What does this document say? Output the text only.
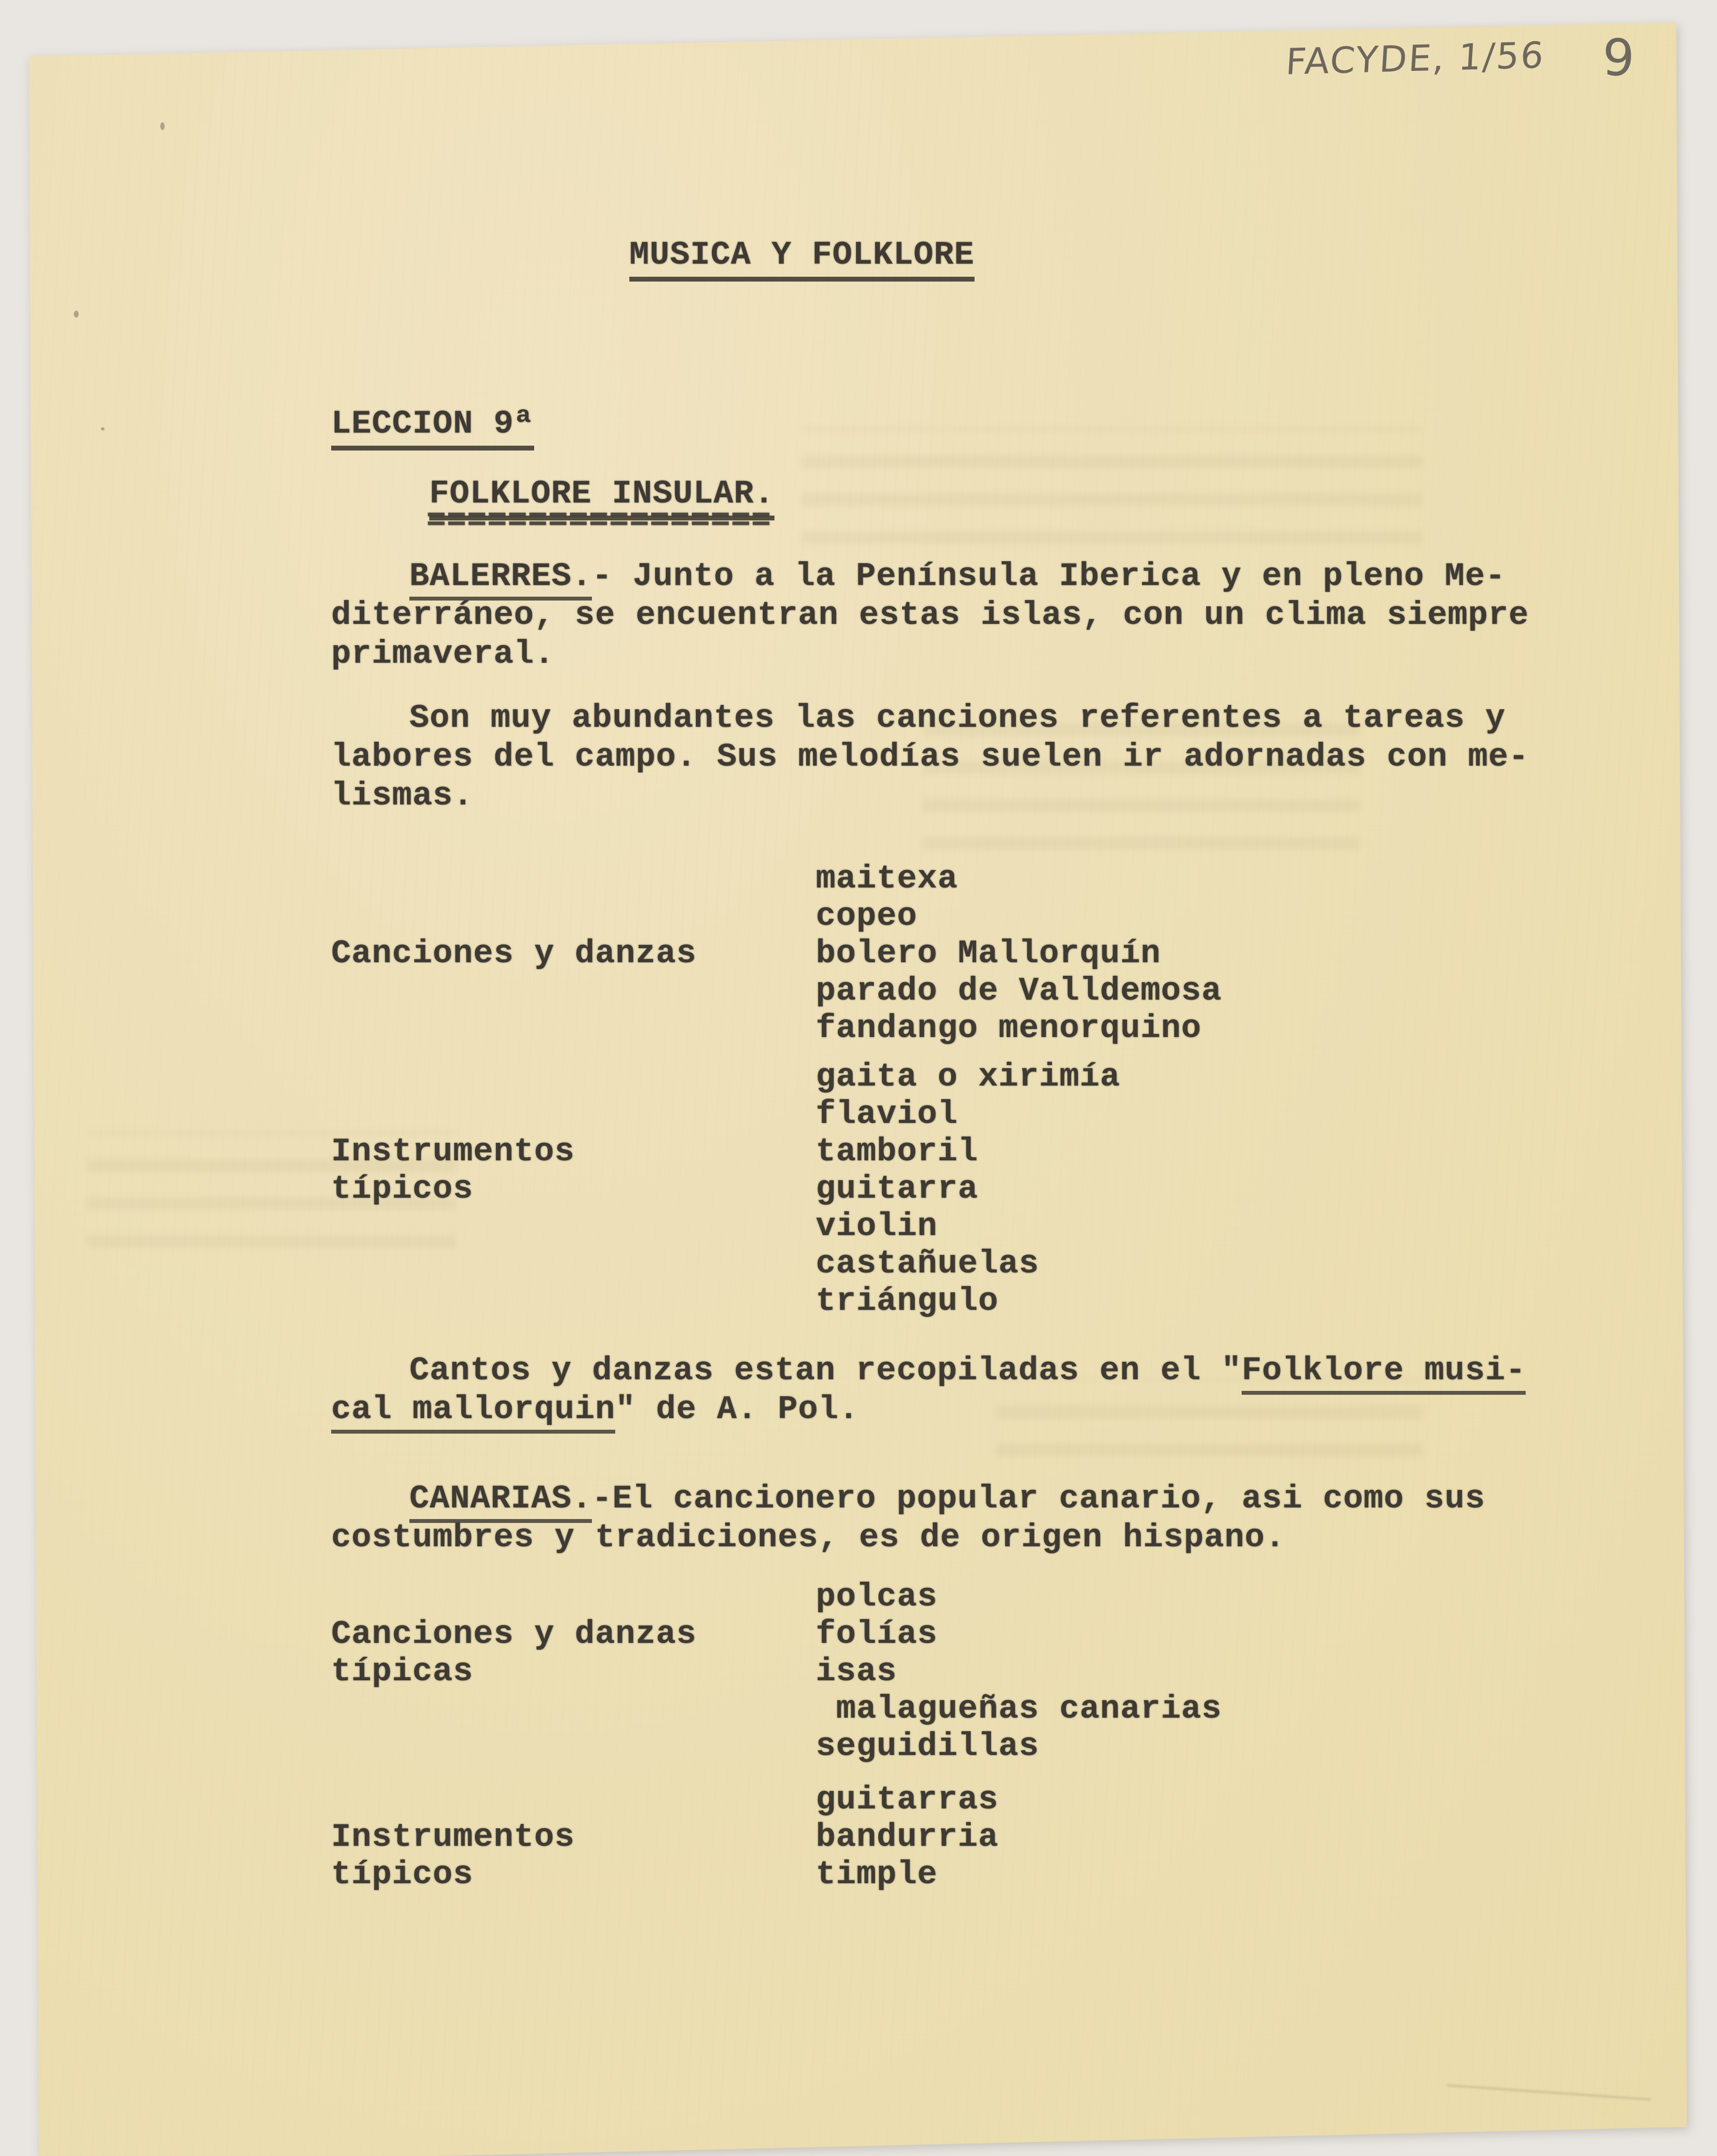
FACYDE, 1/56 9
MUSICA Y FOLKLORE
LECCION 9ª
FOLKLORE INSULAR.
=================
BALERRES.- Junto a la Península Iberica y en pleno Me-
diterráneo, se encuentran estas islas, con un clima siempre
primaveral.
Son muy abundantes las canciones referentes a tareas y
labores del campo. Sus melodías suelen ir adornadas con me-
lismas.
Canciones y danzas
maitexa
copeo
bolero Mallorquín
parado de Valldemosa
fandango menorquino
Instrumentos
típicos
gaita o xirimía
flaviol
tamboril
guitarra
violin
castañuelas
triángulo
Cantos y danzas estan recopiladas en el "Folklore musi-
cal mallorquin" de A. Pol.
CANARIAS.-El cancionero popular canario, asi como sus
costumbres y tradiciones, es de origen hispano.
Canciones y danzas
típicas
polcas
folías
isas
malagueñas canarias
seguidillas
Instrumentos
típicos
guitarras
bandurria
timple
